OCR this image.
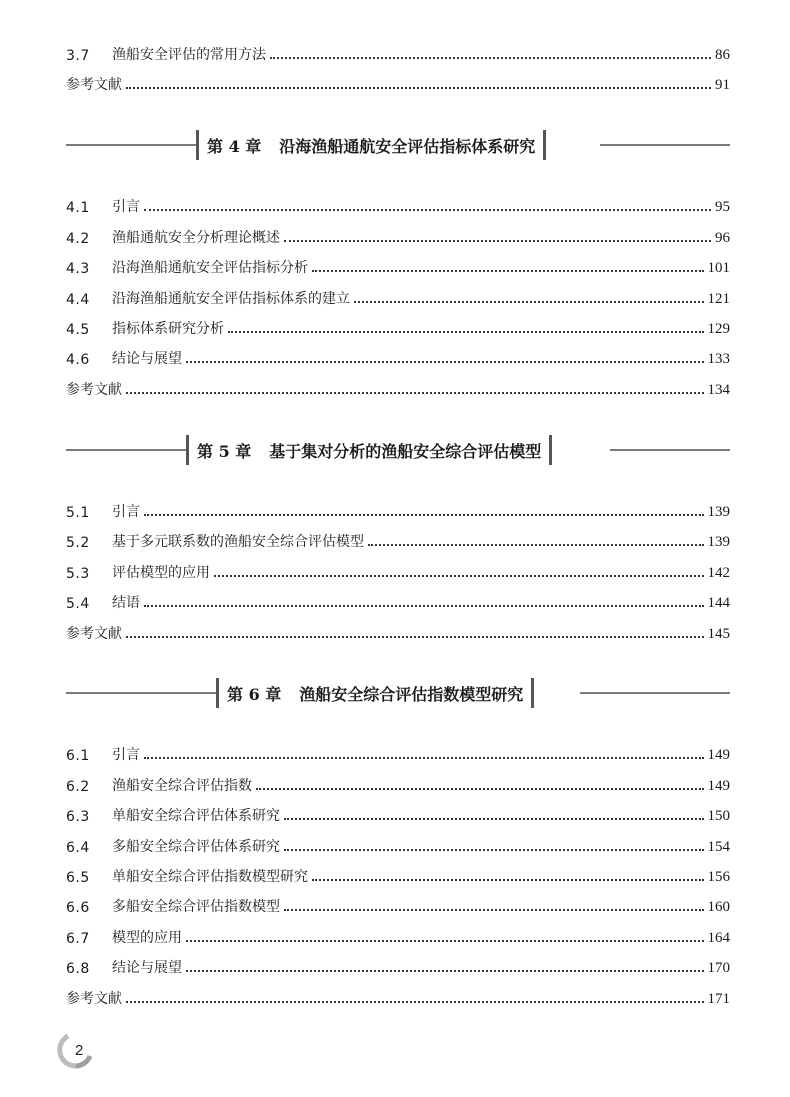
3.7	渔船安全评估的常用方法	86
参考文献	91
第 4 章 沿海渔船通航安全评估指标体系研究
4.1	引言	95
4.2	渔船通航安全分析理论概述	96
4.3	沿海渔船通航安全评估指标分析	101
4.4	沿海渔船通航安全评估指标体系的建立	121
4.5	指标体系研究分析	129
4.6	结论与展望	133
参考文献	134
第 5 章 基于集对分析的渔船安全综合评估模型
5.1	引言	139
5.2	基于多元联系数的渔船安全综合评估模型	139
5.3	评估模型的应用	142
5.4	结语	144
参考文献	145
第 6 章 渔船安全综合评估指数模型研究
6.1	引言	149
6.2	渔船安全综合评估指数	149
6.3	单船安全综合评估体系研究	150
6.4	多船安全综合评估体系研究	154
6.5	单船安全综合评估指数模型研究	156
6.6	多船安全综合评估指数模型	160
6.7	模型的应用	164
6.8	结论与展望	170
参考文献	171
2
